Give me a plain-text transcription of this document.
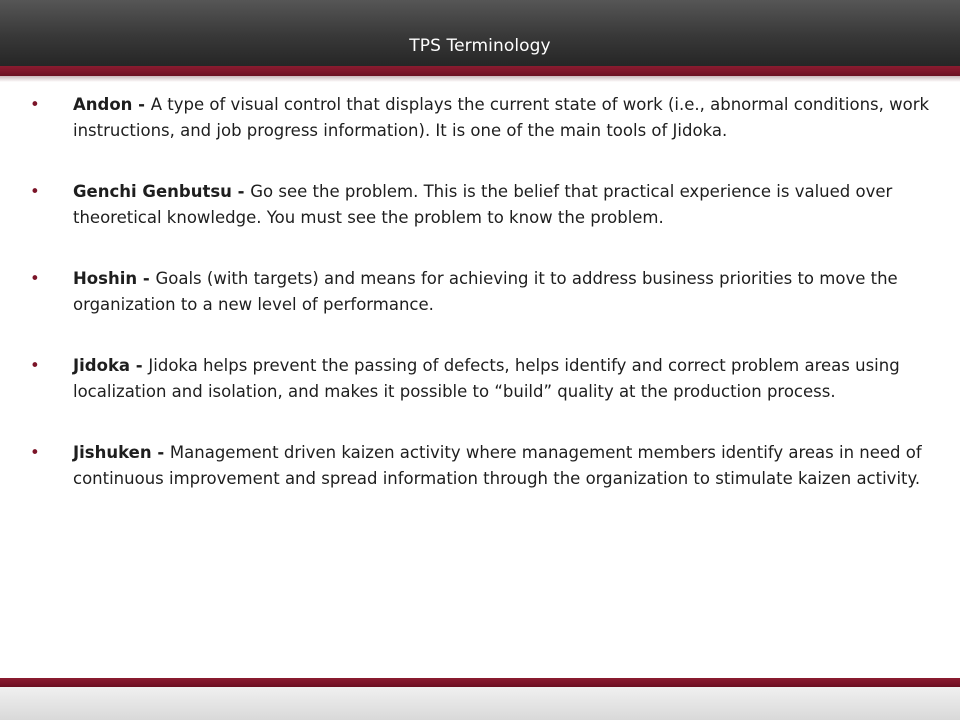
TPS Terminology
• Andon - A type of visual control that displays the current state of work (i.e., abnormal conditions, work instructions, and job progress information). It is one of the main tools of Jidoka.
• Genchi Genbutsu - Go see the problem. This is the belief that practical experience is valued over theoretical knowledge. You must see the problem to know the problem.
• Hoshin - Goals (with targets) and means for achieving it to address business priorities to move the organization to a new level of performance.
• Jidoka - Jidoka helps prevent the passing of defects, helps identify and correct problem areas using localization and isolation, and makes it possible to “build” quality at the production process.
• Jishuken - Management driven kaizen activity where management members identify areas in need of continuous improvement and spread information through the organization to stimulate kaizen activity.
